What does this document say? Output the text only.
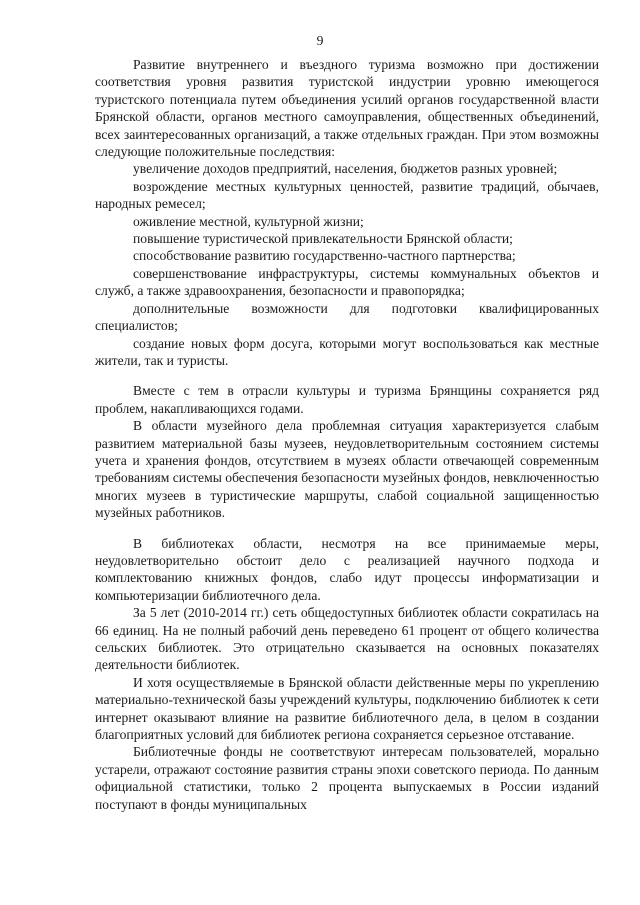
9

Развитие внутреннего и въездного туризма возможно при достижении соответствия уровня развития туристской индустрии уровню имеющегося туристского потенциала путем объединения усилий органов государственной власти Брянской области, органов местного самоуправления, общественных объединений, всех заинтересованных организаций, а также отдельных граждан. При этом возможны следующие положительные последствия:

увеличение доходов предприятий, населения, бюджетов разных уровней;

возрождение местных культурных ценностей, развитие традиций, обычаев, народных ремесел;

оживление местной, культурной жизни;

повышение туристической привлекательности Брянской области;

способствование развитию государственно-частного партнерства;

совершенствование инфраструктуры, системы коммунальных объектов и служб, а также здравоохранения, безопасности и правопорядка;

дополнительные возможности для подготовки квалифицированных специалистов;

создание новых форм досуга, которыми могут воспользоваться как местные жители, так и туристы.

Вместе с тем в отрасли культуры и туризма Брянщины сохраняется ряд проблем, накапливающихся годами.

В области музейного дела проблемная ситуация характеризуется слабым развитием материальной базы музеев, неудовлетворительным состоянием системы учета и хранения фондов, отсутствием в музеях области отвечающей современным требованиям системы обеспечения безопасности музейных фондов, невключенностью многих музеев в туристические маршруты, слабой социальной защищенностью музейных работников.

В библиотеках области, несмотря на все принимаемые меры, неудовлетворительно обстоит дело с реализацией научного подхода и комплектованию книжных фондов, слабо идут процессы информатизации и компьютеризации библиотечного дела.

За 5 лет (2010-2014 гг.) сеть общедоступных библиотек области сократилась на 66 единиц. На не полный рабочий день переведено 61 процент от общего количества сельских библиотек. Это отрицательно сказывается на основных показателях деятельности библиотек.

И хотя осуществляемые в Брянской области действенные меры по укреплению материально-технической базы учреждений культуры, подключению библиотек к сети интернет оказывают влияние на развитие библиотечного дела, в целом в создании благоприятных условий для библиотек региона сохраняется серьезное отставание.

Библиотечные фонды не соответствуют интересам пользователей, морально устарели, отражают состояние развития страны эпохи советского периода. По данным официальной статистики, только 2 процента выпускаемых в России изданий поступают в фонды муниципальных
